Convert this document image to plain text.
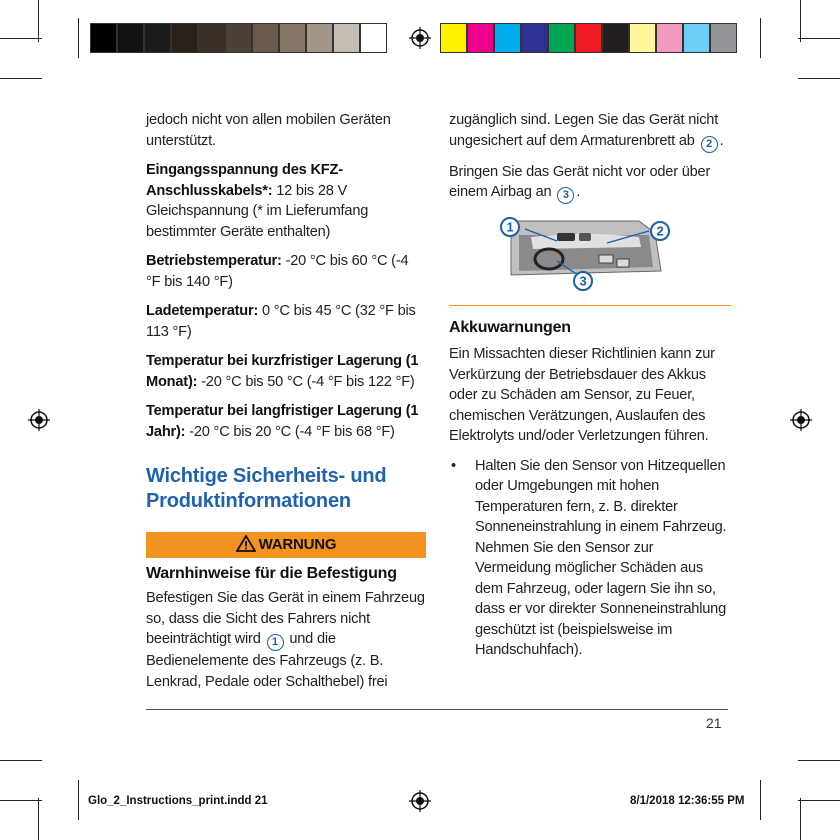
jedoch nicht von allen mobilen Geräten unterstützt.

Eingangsspannung des KFZ-Anschlusskabels*: 12 bis 28 V Gleichspannung (* im Lieferumfang bestimmter Geräte enthalten)

Betriebstemperatur: -20 °C bis 60 °C (-4 °F bis 140 °F)

Ladetemperatur: 0 °C bis 45 °C (32 °F bis 113 °F)

Temperatur bei kurzfristiger Lagerung (1 Monat): -20 °C bis 50 °C (-4 °F bis 122 °F)

Temperatur bei langfristiger Lagerung (1 Jahr): -20 °C bis 20 °C (-4 °F bis 68 °F)

Wichtige Sicherheits- und Produktinformationen
WARNUNG
Warnhinweise für die Befestigung

Befestigen Sie das Gerät in einem Fahrzeug so, dass die Sicht des Fahrers nicht beeinträchtigt wird 1 und die Bedienelemente des Fahrzeugs (z. B. Lenkrad, Pedale oder Schalthebel) frei

zugänglich sind. Legen Sie das Gerät nicht ungesichert auf dem Armaturenbrett ab 2 .

Bringen Sie das Gerät nicht vor oder über einem Airbag an 3 .

1	2
3
Akkuwarnungen

Ein Missachten dieser Richtlinien kann zur Verkürzung der Betriebsdauer des Akkus oder zu Schäden am Sensor, zu Feuer, chemischen Verätzungen, Auslaufen des Elektrolyts und/oder Verletzungen führen.

• Halten Sie den Sensor von Hitzequellen oder Umgebungen mit hohen Temperaturen fern, z. B. direkter Sonneneinstrahlung in einem Fahrzeug. Nehmen Sie den Sensor zur Vermeidung möglicher Schäden aus dem Fahrzeug, oder lagern Sie ihn so, dass er vor direkter Sonneneinstrahlung geschützt ist (beispielsweise im Handschuhfach).
21
Glo_2_Instructions_print.indd 21	8/1/2018 12:36:55 PM
